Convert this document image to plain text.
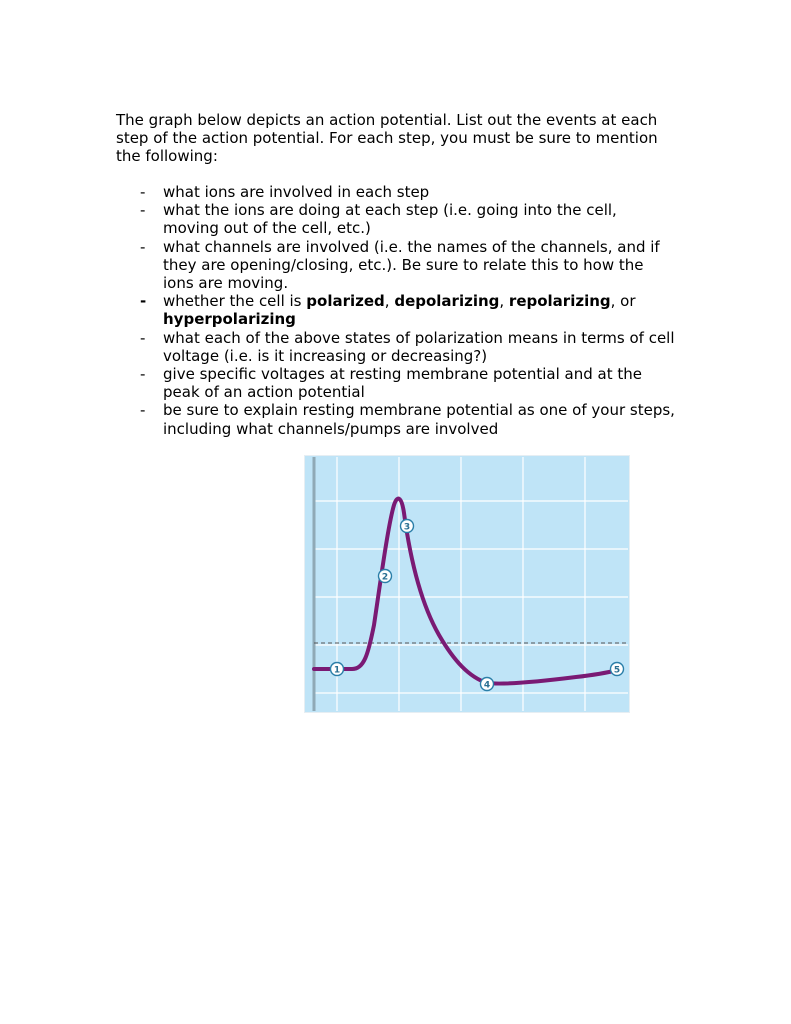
The graph below depicts an action potential. List out the events at each step of the action potential. For each step, you must be sure to mention the following:

- what ions are involved in each step
- what the ions are doing at each step (i.e. going into the cell, moving out of the cell, etc.)
- what channels are involved (i.e. the names of the channels, and if they are opening/closing, etc.). Be sure to relate this to how the ions are moving.
- whether the cell is polarized, depolarizing, repolarizing, or hyperpolarizing
- what each of the above states of polarization means in terms of cell voltage (i.e. is it increasing or decreasing?)
- give specific voltages at resting membrane potential and at the peak of an action potential
- be sure to explain resting membrane potential as one of your steps, including what channels/pumps are involved
1
2
3
4
5
